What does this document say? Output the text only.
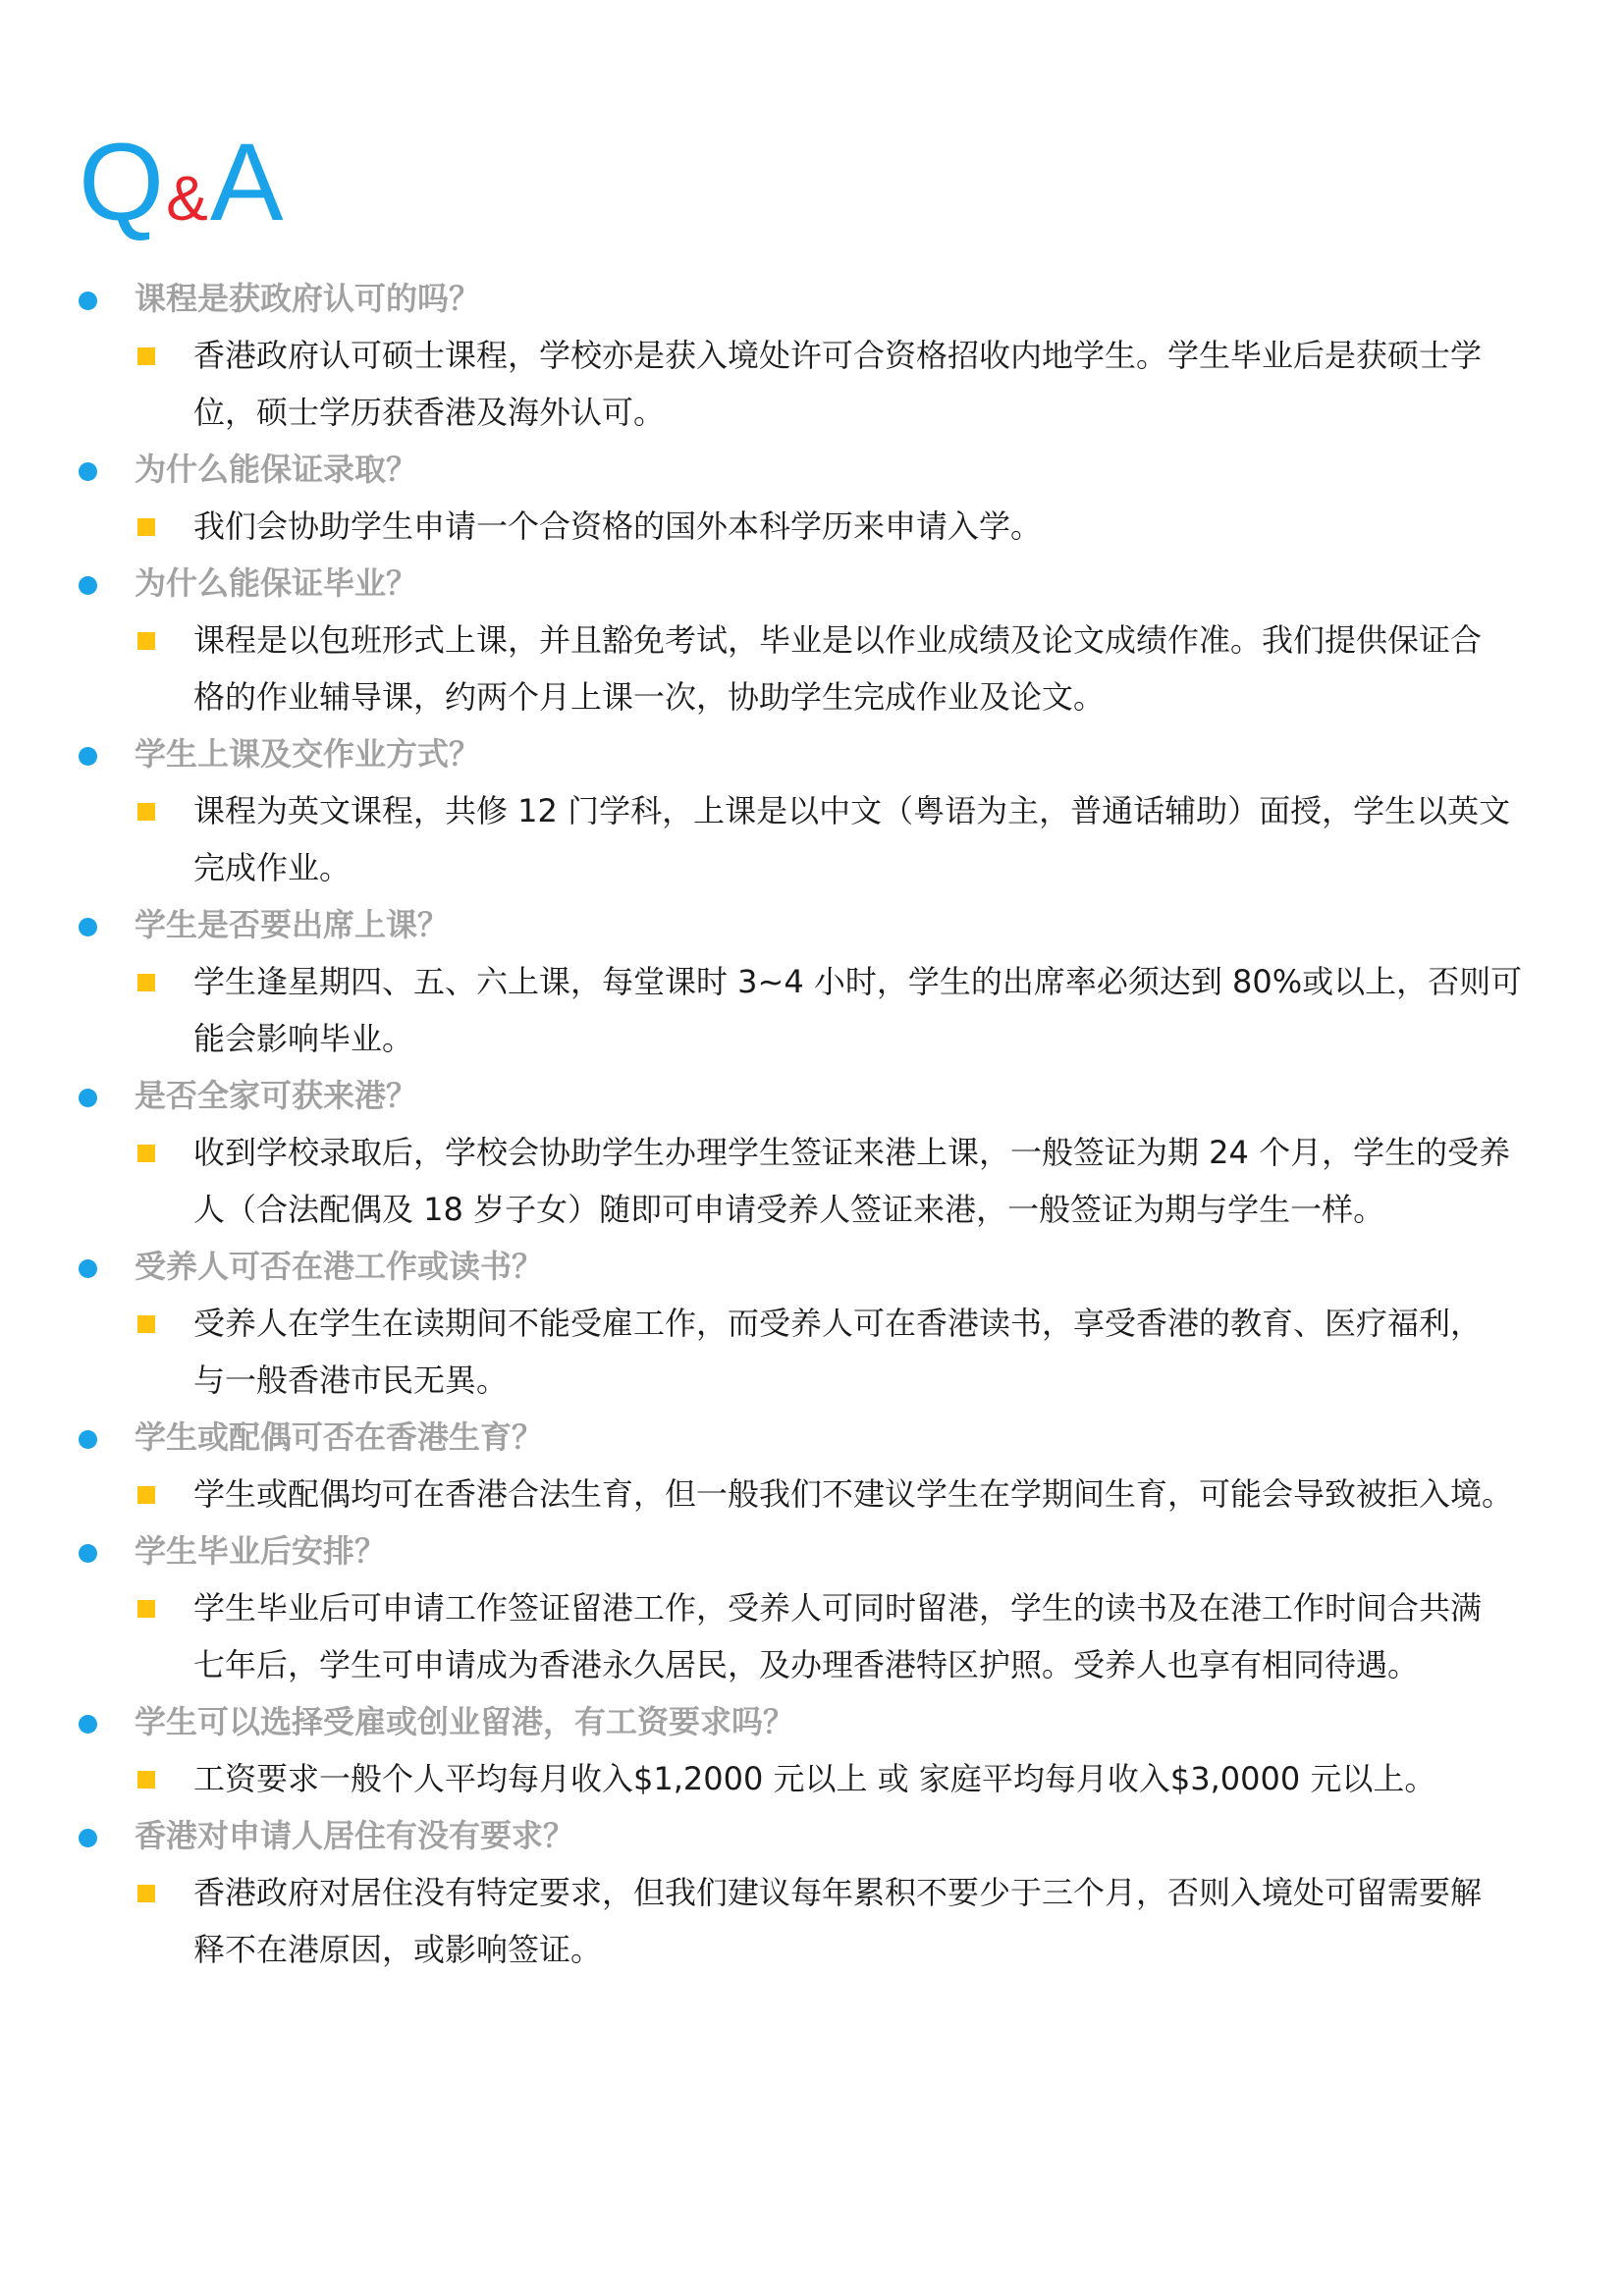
Q & A
课程是获政府认可的吗？
香港政府认可硕士课程，学校亦是获入境处许可合资格招收内地学生。学生毕业后是获硕士学
位，硕士学历获香港及海外认可。
为什么能保证录取？
我们会协助学生申请一个合资格的国外本科学历来申请入学。
为什么能保证毕业？
课程是以包班形式上课，并且豁免考试，毕业是以作业成绩及论文成绩作准。我们提供保证合
格的作业辅导课，约两个月上课一次，协助学生完成作业及论文。
学生上课及交作业方式？
课程为英文课程，共修 12 门学科，上课是以中文（粤语为主，普通话辅助）面授，学生以英文
完成作业。
学生是否要出席上课？
学生逢星期四、五、六上课，每堂课时 3~4 小时，学生的出席率必须达到 80%或以上，否则可
能会影响毕业。
是否全家可获来港？
收到学校录取后，学校会协助学生办理学生签证来港上课，一般签证为期 24 个月，学生的受养
人（合法配偶及 18 岁子女）随即可申请受养人签证来港，一般签证为期与学生一样。
受养人可否在港工作或读书？
受养人在学生在读期间不能受雇工作，而受养人可在香港读书，享受香港的教育、医疗福利，
与一般香港市民无異。
学生或配偶可否在香港生育？
学生或配偶均可在香港合法生育，但一般我们不建议学生在学期间生育，可能会导致被拒入境。
学生毕业后安排？
学生毕业后可申请工作签证留港工作，受养人可同时留港，学生的读书及在港工作时间合共满
七年后，学生可申请成为香港永久居民，及办理香港特区护照。受养人也享有相同待遇。
学生可以选择受雇或创业留港，有工资要求吗？
工资要求一般个人平均每月收入$1,2000 元以上 或 家庭平均每月收入$3,0000 元以上。
香港对申请人居住有没有要求？
香港政府对居住没有特定要求，但我们建议每年累积不要少于三个月，否则入境处可留需要解
释不在港原因，或影响签证。
